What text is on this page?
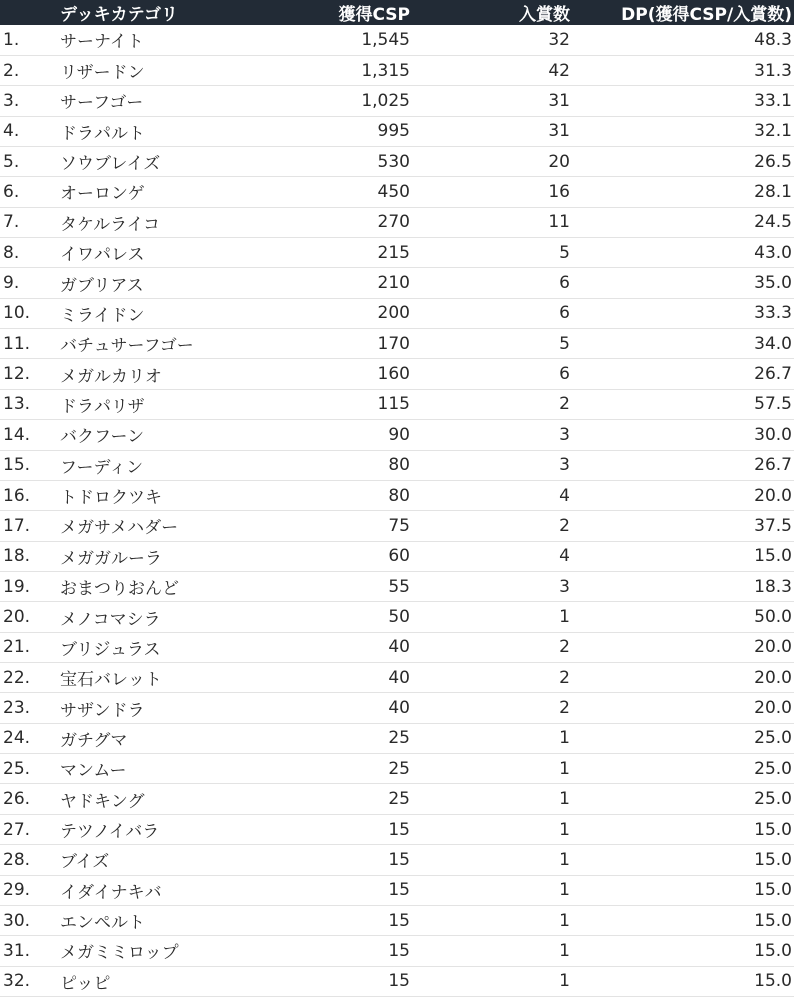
	デッキカテゴリ	獲得CSP	入賞数	DP(獲得CSP/入賞数)
1.	サーナイト	1,545	32	48.3
2.	リザードン	1,315	42	31.3
3.	サーフゴー	1,025	31	33.1
4.	ドラパルト	995	31	32.1
5.	ソウブレイズ	530	20	26.5
6.	オーロンゲ	450	16	28.1
7.	タケルライコ	270	11	24.5
8.	イワパレス	215	5	43.0
9.	ガブリアス	210	6	35.0
10.	ミライドン	200	6	33.3
11.	バチュサーフゴー	170	5	34.0
12.	メガルカリオ	160	6	26.7
13.	ドラパリザ	115	2	57.5
14.	バクフーン	90	3	30.0
15.	フーディン	80	3	26.7
16.	トドロクツキ	80	4	20.0
17.	メガサメハダー	75	2	37.5
18.	メガガルーラ	60	4	15.0
19.	おまつりおんど	55	3	18.3
20.	メノコマシラ	50	1	50.0
21.	ブリジュラス	40	2	20.0
22.	宝石バレット	40	2	20.0
23.	サザンドラ	40	2	20.0
24.	ガチグマ	25	1	25.0
25.	マンムー	25	1	25.0
26.	ヤドキング	25	1	25.0
27.	テツノイバラ	15	1	15.0
28.	ブイズ	15	1	15.0
29.	イダイナキバ	15	1	15.0
30.	エンペルト	15	1	15.0
31.	メガミミロップ	15	1	15.0
32.	ピッピ	15	1	15.0
